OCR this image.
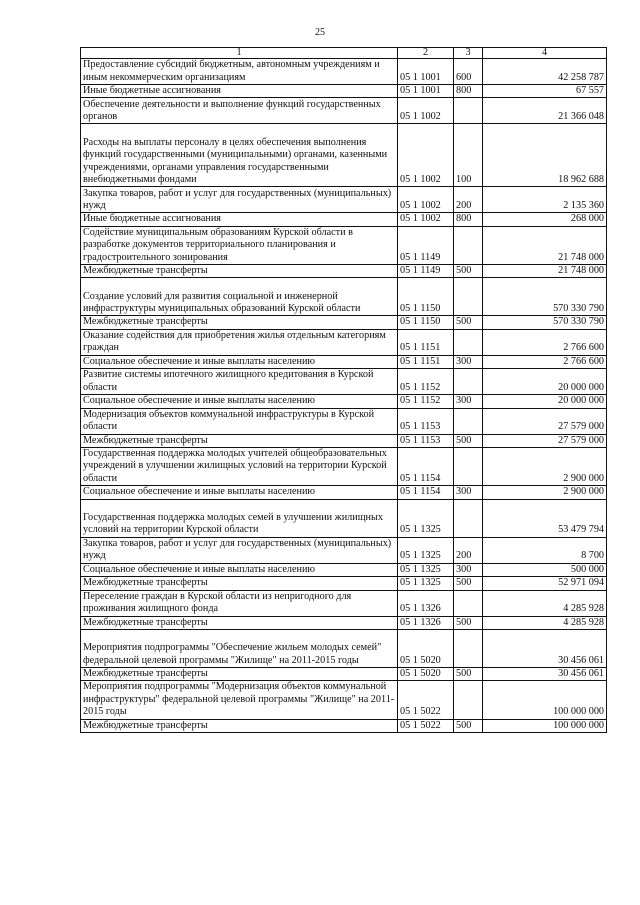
25
1	2	3	4
Предоставление субсидий бюджетным, автономным учреждениям и иным некоммерческим организациям	05 1 1001	600	42 258 787
Иные бюджетные ассигнования	05 1 1001	800	67 557
Обеспечение деятельности и выполнение функций государственных органов	05 1 1002		21 366 048
Расходы на выплаты персоналу в целях обеспечения выполнения функций государственными (муниципальными) органами, казенными учреждениями, органами управления государственными внебюджетными фондами	05 1 1002	100	18 962 688
Закупка товаров, работ и услуг для государственных (муниципальных) нужд	05 1 1002	200	2 135 360
Иные бюджетные ассигнования	05 1 1002	800	268 000
Содействие муниципальным образованиям Курской области в разработке документов территориального планирования и градостроительного зонирования	05 1 1149		21 748 000
Межбюджетные трансферты	05 1 1149	500	21 748 000
Создание условий для развития социальной и инженерной инфраструктуры муниципальных образований Курской области	05 1 1150		570 330 790
Межбюджетные трансферты	05 1 1150	500	570 330 790
Оказание содействия для приобретения жилья отдельным категориям граждан	05 1 1151		2 766 600
Социальное обеспечение и иные выплаты населению	05 1 1151	300	2 766 600
Развитие системы ипотечного жилищного кредитования в Курской области	05 1 1152		20 000 000
Социальное обеспечение и иные выплаты населению	05 1 1152	300	20 000 000
Модернизация объектов коммунальной инфраструктуры в Курской области	05 1 1153		27 579 000
Межбюджетные трансферты	05 1 1153	500	27 579 000
Государственная поддержка молодых учителей общеобразовательных учреждений в улучшении жилищных условий на территории Курской области	05 1 1154		2 900 000
Социальное обеспечение и иные выплаты населению	05 1 1154	300	2 900 000
Государственная поддержка молодых семей в улучшении жилищных условий на территории Курской области	05 1 1325		53 479 794
Закупка товаров, работ и услуг для государственных (муниципальных) нужд	05 1 1325	200	8 700
Социальное обеспечение и иные выплаты населению	05 1 1325	300	500 000
Межбюджетные трансферты	05 1 1325	500	52 971 094
Переселение граждан в Курской области из непригодного для проживания жилищного фонда	05 1 1326		4 285 928
Межбюджетные трансферты	05 1 1326	500	4 285 928
Мероприятия подпрограммы "Обеспечение жильем молодых семей" федеральной целевой программы "Жилище" на 2011-2015 годы	05 1 5020		30 456 061
Межбюджетные трансферты	05 1 5020	500	30 456 061
Мероприятия подпрограммы "Модернизация объектов коммунальной инфраструктуры" федеральной целевой программы "Жилище" на 2011-2015 годы	05 1 5022		100 000 000
Межбюджетные трансферты	05 1 5022	500	100 000 000
